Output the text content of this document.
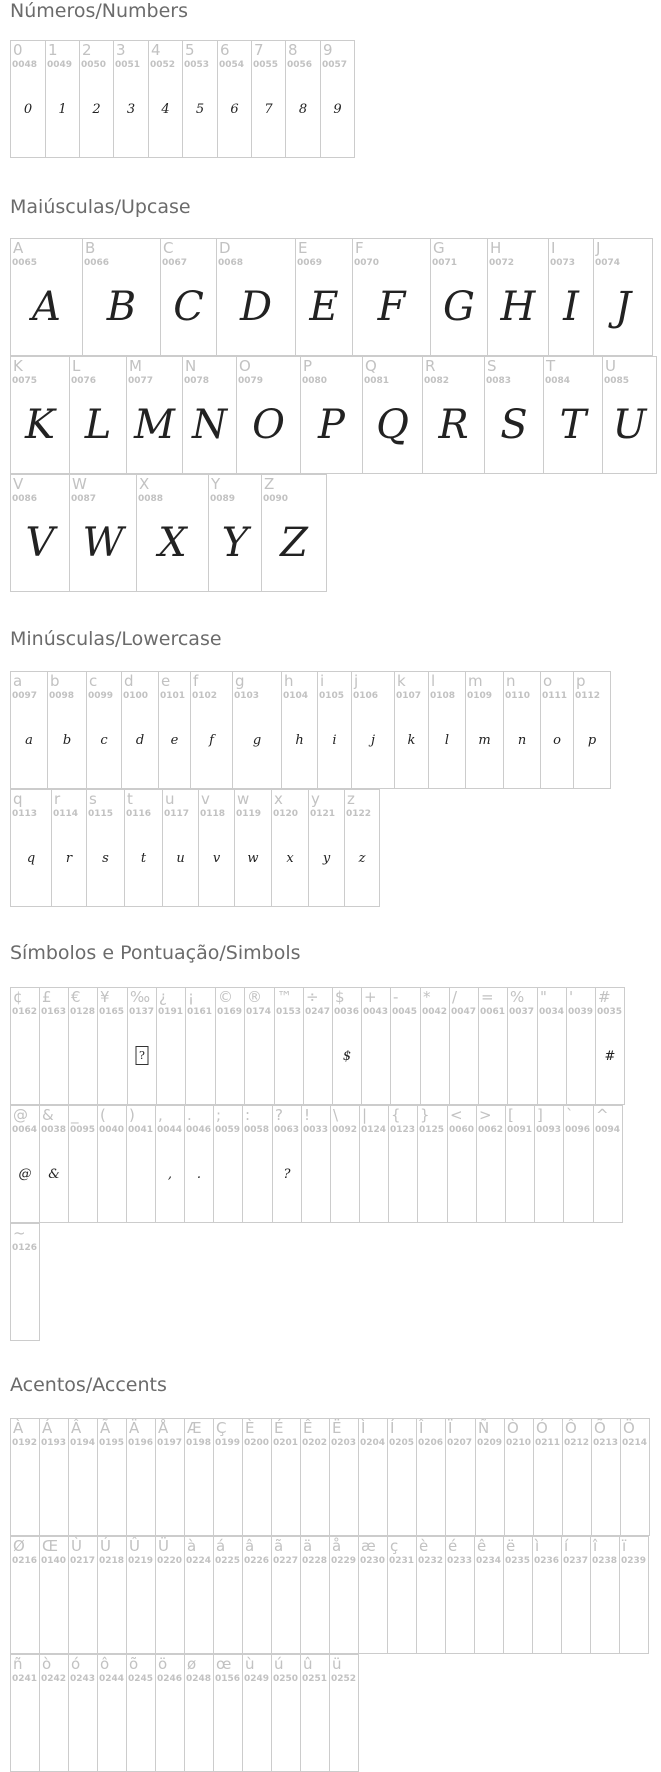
Números/Numbers
0
0048
0
1
0049
1
2
0050
2
3
0051
3
4
0052
4
5
0053
5
6
0054
6
7
0055
7
8
0056
8
9
0057
9
Maiúsculas/Upcase
A
0065
A
B
0066
B
C
0067
C
D
0068
D
E
0069
E
F
0070
F
G
0071
G
H
0072
H
I
0073
I
J
0074
J
K
0075
K
L
0076
L
M
0077
M
N
0078
N
O
0079
O
P
0080
P
Q
0081
Q
R
0082
R
S
0083
S
T
0084
T
U
0085
U
V
0086
V
W
0087
W
X
0088
X
Y
0089
Y
Z
0090
Z
Minúsculas/Lowercase
a
0097
a
b
0098
b
c
0099
c
d
0100
d
e
0101
e
f
0102
f
g
0103
g
h
0104
h
i
0105
i
j
0106
j
k
0107
k
l
0108
l
m
0109
m
n
0110
n
o
0111
o
p
0112
p
q
0113
q
r
0114
r
s
0115
s
t
0116
t
u
0117
u
v
0118
v
w
0119
w
x
0120
x
y
0121
y
z
0122
z
Símbolos e Pontuação/Simbols
¢
0162
£
0163
€
0128
¥
0165
‰
0137
?
¿
0191
¡
0161
©
0169
®
0174
™
0153
÷
0247
$
0036
$
+
0043
-
0045
*
0042
/
0047
=
0061
%
0037
"
0034
'
0039
#
0035
#
@
0064
@
&
0038
&
_
0095
(
0040
)
0041
,
0044
,
.
0046
.
;
0059
:
0058
?
0063
?
!
0033
\
0092
|
0124
{
0123
}
0125
<
0060
>
0062
[
0091
]
0093
`
0096
^
0094
~
0126
Acentos/Accents
À
0192
Á
0193
Â
0194
Ã
0195
Ä
0196
Å
0197
Æ
0198
Ç
0199
È
0200
É
0201
Ê
0202
Ë
0203
Ì
0204
Í
0205
Î
0206
Ï
0207
Ñ
0209
Ò
0210
Ó
0211
Ô
0212
Õ
0213
Ö
0214
Ø
0216
Œ
0140
Ù
0217
Ú
0218
Û
0219
Ü
0220
à
0224
á
0225
â
0226
ã
0227
ä
0228
å
0229
æ
0230
ç
0231
è
0232
é
0233
ê
0234
ë
0235
ì
0236
í
0237
î
0238
ï
0239
ñ
0241
ò
0242
ó
0243
ô
0244
õ
0245
ö
0246
ø
0248
œ
0156
ù
0249
ú
0250
û
0251
ü
0252
